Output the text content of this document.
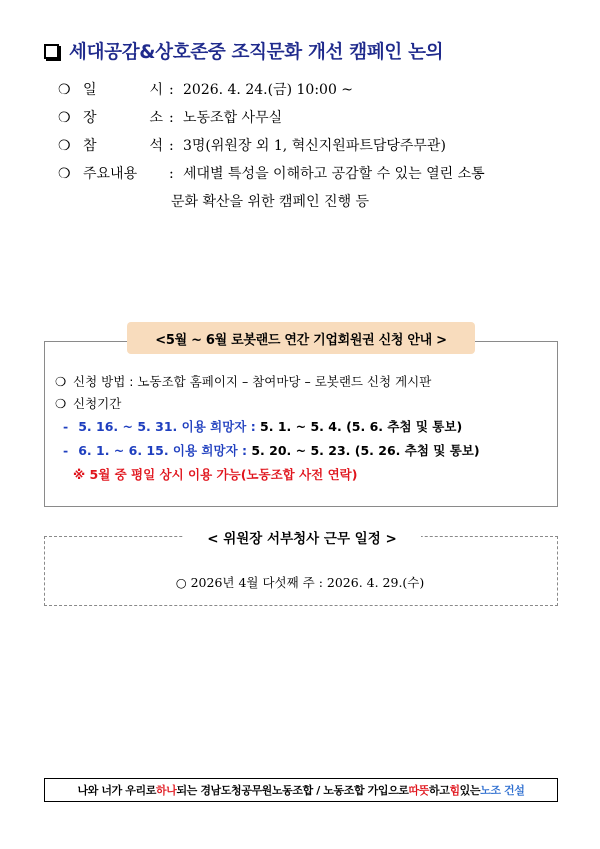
세대공감&상호존중 조직문화 개선 캠페인 논의
❍ 일	시 : 2026. 4. 24.(금) 10:00 ~
❍ 장	소 : 노동조합 사무실
❍ 참	석 : 3명(위원장 외 1, 혁신지원파트담당주무관)
❍ 주요내용 : 세대별 특성을 이해하고 공감할 수 있는 열린 소통
문화 확산을 위한 캠페인 진행 등
<5월 ~ 6월 로봇랜드 연간 기업회원권 신청 안내 >
❍ 신청 방법 : 노동조합 홈페이지 – 참여마당 – 로봇랜드 신청 게시판
❍ 신청기간
- 5. 16. ~ 5. 31. 이용 희망자 : 5. 1. ~ 5. 4. (5. 6. 추첨 및 통보)
- 6. 1. ~ 6. 15. 이용 희망자 : 5. 20. ~ 5. 23. (5. 26. 추첨 및 통보)
※ 5월 중 평일 상시 이용 가능(노동조합 사전 연락)
< 위원장 서부청사 근무 일정 >
○ 2026년 4월 다섯째 주 : 2026. 4. 29.(수)
나와 너가 우리로 하나 되는 경남도청공무원노동조합 / 노동조합 가입으로 따뜻 하고 힘 있는 노조 건설
